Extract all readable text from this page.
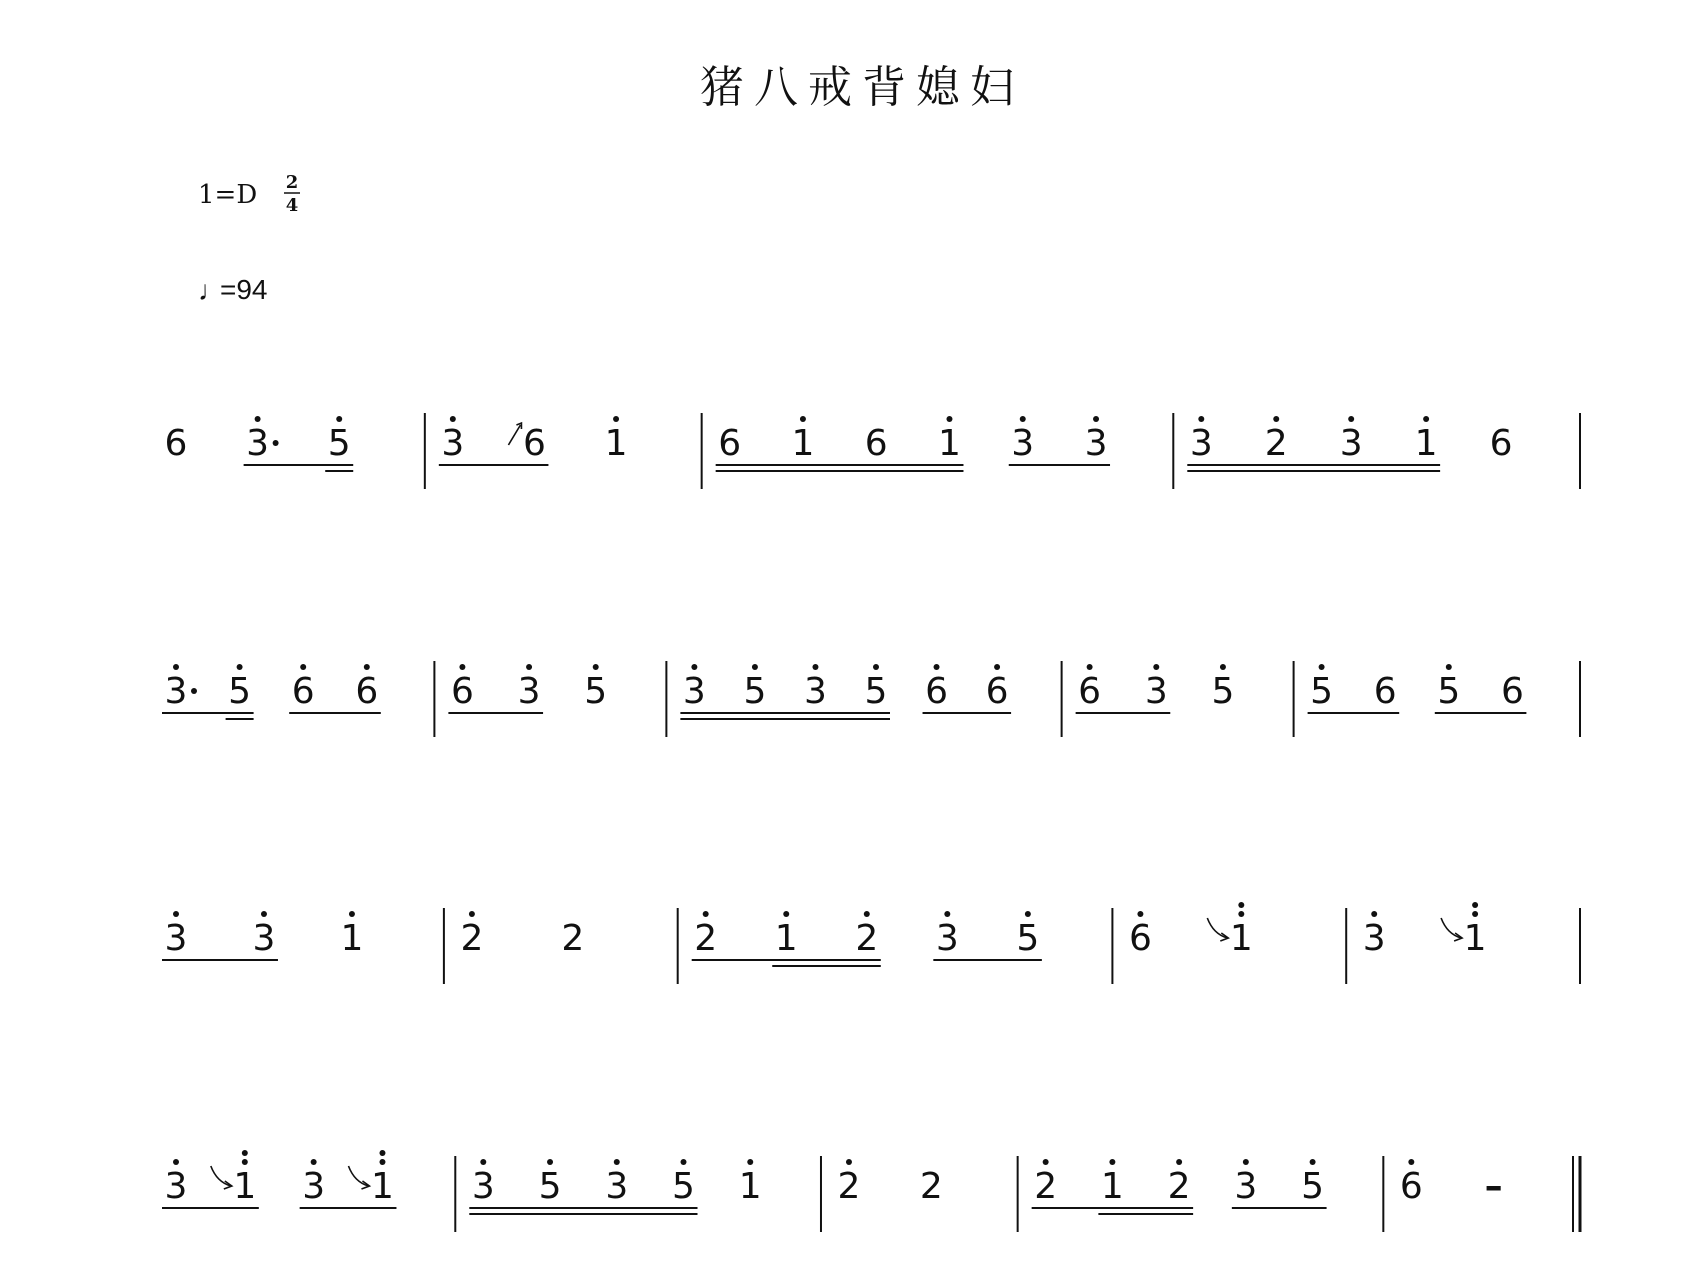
猪八戒背媳妇
1=D 2
4
♩
=94
6 3 5	3 6 1	6 1 6 1 3 3 3 2 3 1 6
3 5 6 6 6 3 5 3 5 3 5 6 6 6 3 5 5 6 5 6
3 3 1	2 2	2 1 2 3 5 6 1	3 1
3 1 3 1 3 5 3 5 1 2 2	2 1 2 3 5 6 –
